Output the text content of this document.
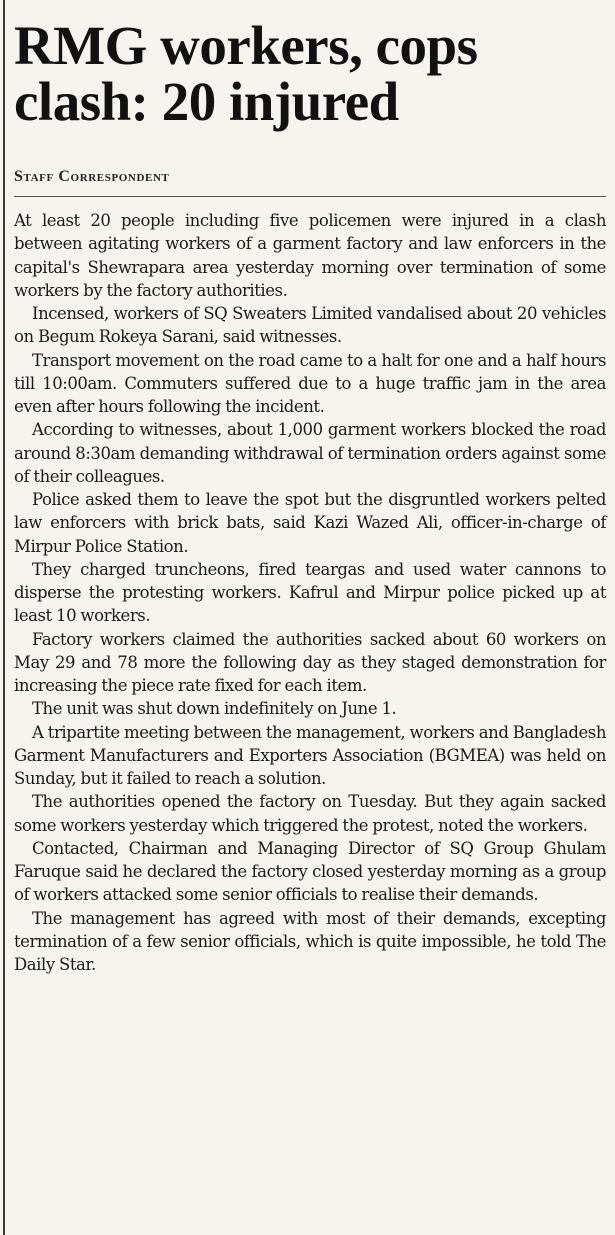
RMG workers, cops clash: 20 injured
Staff Correspondent

At least 20 people including five policemen were injured in a clash between agitating workers of a garment factory and law enforcers in the capital's Shewrapara area yesterday morning over termination of some workers by the factory authorities.

Incensed, workers of SQ Sweaters Limited vandalised about 20 vehicles on Begum Rokeya Sarani, said witnesses.

Transport movement on the road came to a halt for one and a half hours till 10:00am. Commuters suffered due to a huge traffic jam in the area even after hours following the incident.

According to witnesses, about 1,000 garment workers blocked the road around 8:30am demanding withdrawal of termination orders against some of their colleagues.

Police asked them to leave the spot but the disgruntled workers pelted law enforcers with brick bats, said Kazi Wazed Ali, officer-in-charge of Mirpur Police Station.

They charged truncheons, fired teargas and used water cannons to disperse the protesting workers. Kafrul and Mirpur police picked up at least 10 workers.

Factory workers claimed the authorities sacked about 60 workers on May 29 and 78 more the following day as they staged demonstration for increasing the piece rate fixed for each item.

The unit was shut down indefinitely on June 1.

A tripartite meeting between the management, workers and Bangladesh Garment Manufacturers and Exporters Association (BGMEA) was held on Sunday, but it failed to reach a solution.

The authorities opened the factory on Tuesday. But they again sacked some workers yesterday which triggered the protest, noted the workers.

Contacted, Chairman and Managing Director of SQ Group Ghulam Faruque said he declared the factory closed yesterday morning as a group of workers attacked some senior officials to realise their demands.

The management has agreed with most of their demands, excepting termination of a few senior officials, which is quite impossible, he told The Daily Star.
